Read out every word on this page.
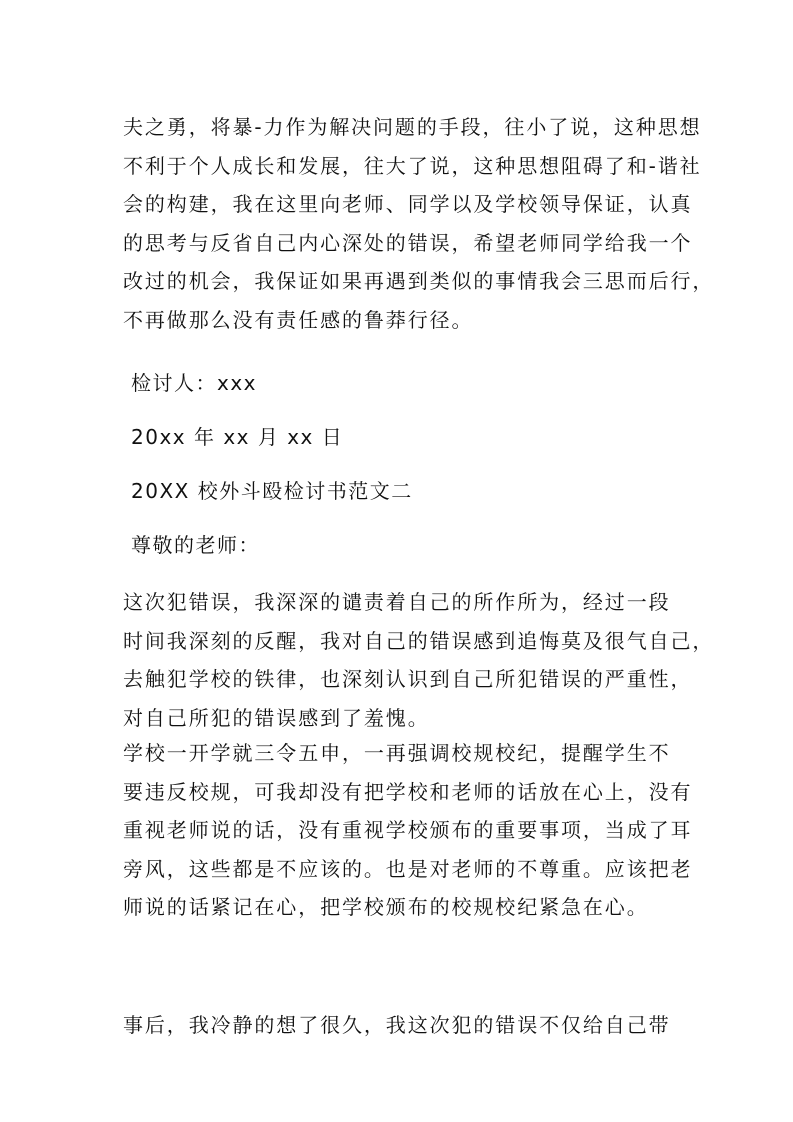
夫之勇，将暴-力作为解决问题的手段，往小了说，这种思想
不利于个人成长和发展，往大了说，这种思想阻碍了和-谐社
会的构建，我在这里向老师、同学以及学校领导保证，认真
的思考与反省自己内心深处的错误，希望老师同学给我一个
改过的机会，我保证如果再遇到类似的事情我会三思而后行，
不再做那么没有责任感的鲁莽行径。
检讨人：xxx
20xx 年 xx 月 xx 日
20XX 校外斗殴检讨书范文二
尊敬的老师：
这次犯错误，我深深的谴责着自己的所作所为，经过一段
时间我深刻的反醒，我对自己的错误感到追悔莫及很气自己，
去触犯学校的铁律，也深刻认识到自己所犯错误的严重性，
对自己所犯的错误感到了羞愧。
学校一开学就三令五申，一再强调校规校纪，提醒学生不
要违反校规，可我却没有把学校和老师的话放在心上，没有
重视老师说的话，没有重视学校颁布的重要事项，当成了耳
旁风，这些都是不应该的。也是对老师的不尊重。应该把老
师说的话紧记在心，把学校颁布的校规校纪紧急在心。
事后，我冷静的想了很久，我这次犯的错误不仅给自己带
